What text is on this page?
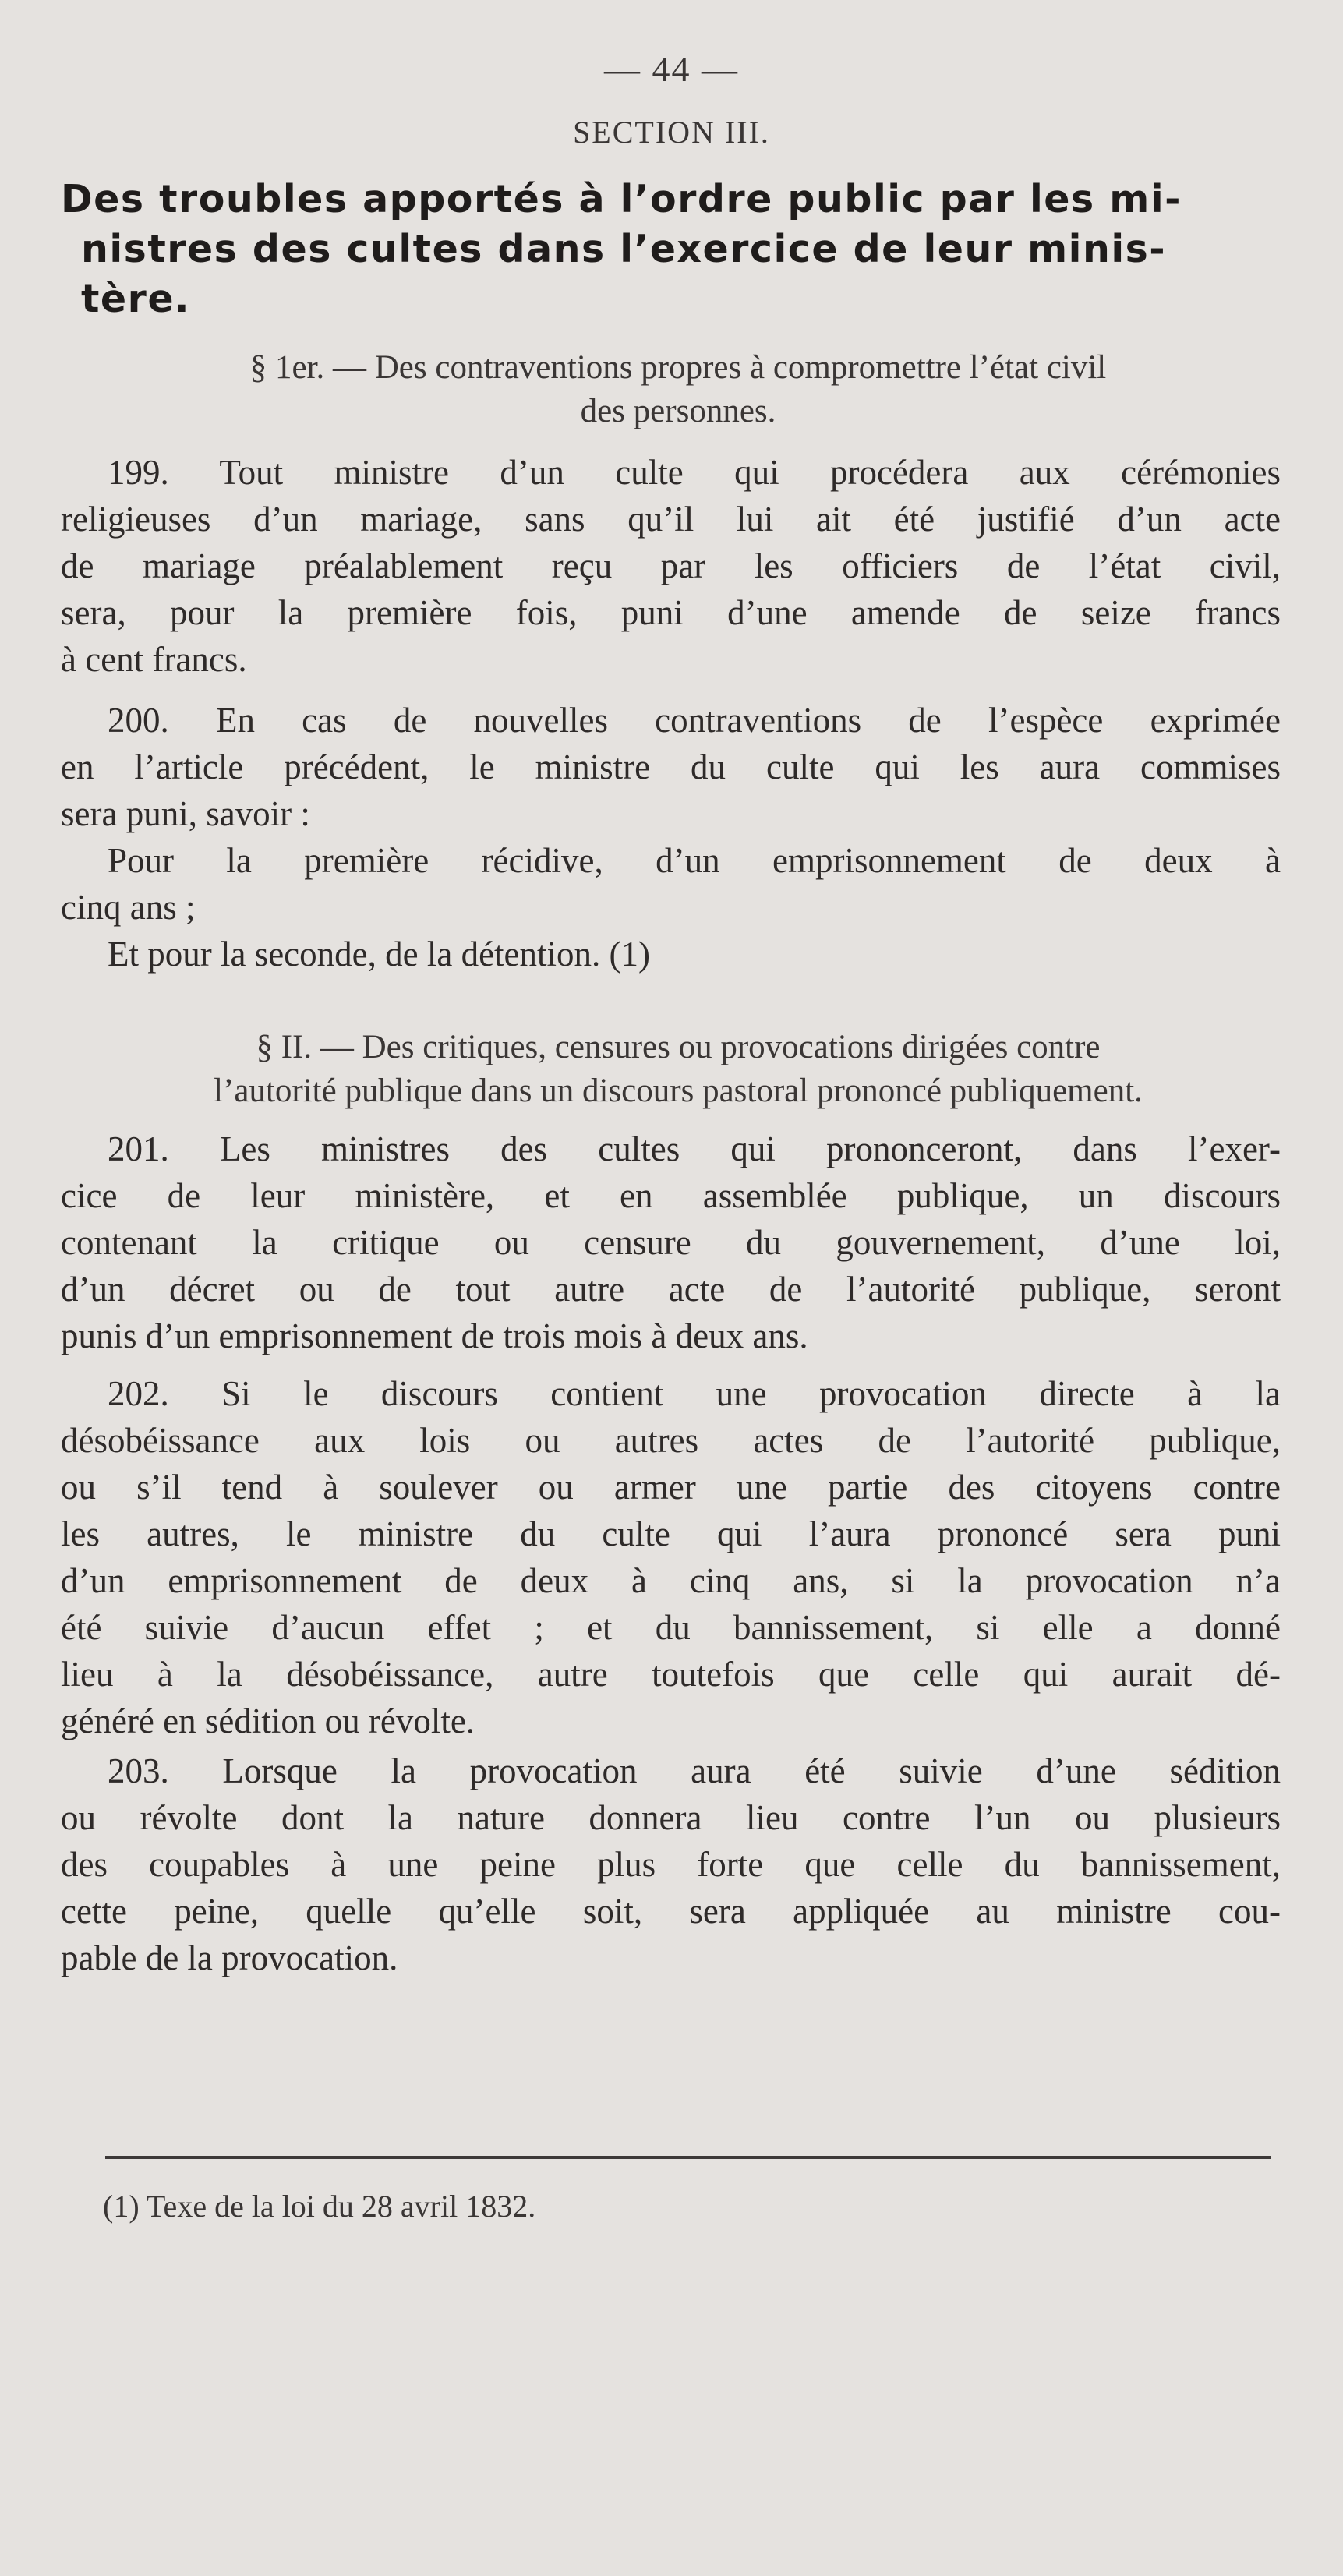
— 44 —
SECTION III.
Des troubles apportés à l’ordre public par les mi-
nistres des cultes dans l’exercice de leur minis-
tère.
§ 1er. — Des contraventions propres à compromettre l’état civil
des personnes.
199. Tout ministre d’un culte qui procédera aux cérémonies
religieuses d’un mariage, sans qu’il lui ait été justifié d’un acte
de mariage préalablement reçu par les officiers de l’état civil,
sera, pour la première fois, puni d’une amende de seize francs
à cent francs.
200. En cas de nouvelles contraventions de l’espèce exprimée
en l’article précédent, le ministre du culte qui les aura commises
sera puni, savoir :
Pour la première récidive, d’un emprisonnement de deux à
cinq ans ;
Et pour la seconde, de la détention. (1)
§ II. — Des critiques, censures ou provocations dirigées contre
l’autorité publique dans un discours pastoral prononcé publiquement.
201. Les ministres des cultes qui prononceront, dans l’exer-
cice de leur ministère, et en assemblée publique, un discours
contenant la critique ou censure du gouvernement, d’une loi,
d’un décret ou de tout autre acte de l’autorité publique, seront
punis d’un emprisonnement de trois mois à deux ans.
202. Si le discours contient une provocation directe à la
désobéissance aux lois ou autres actes de l’autorité publique,
ou s’il tend à soulever ou armer une partie des citoyens contre
les autres, le ministre du culte qui l’aura prononcé sera puni
d’un emprisonnement de deux à cinq ans, si la provocation n’a
été suivie d’aucun effet ; et du bannissement, si elle a donné
lieu à la désobéissance, autre toutefois que celle qui aurait dé-
généré en sédition ou révolte.
203. Lorsque la provocation aura été suivie d’une sédition
ou révolte dont la nature donnera lieu contre l’un ou plusieurs
des coupables à une peine plus forte que celle du bannissement,
cette peine, quelle qu’elle soit, sera appliquée au ministre cou-
pable de la provocation.
(1) Texe de la loi du 28 avril 1832.
